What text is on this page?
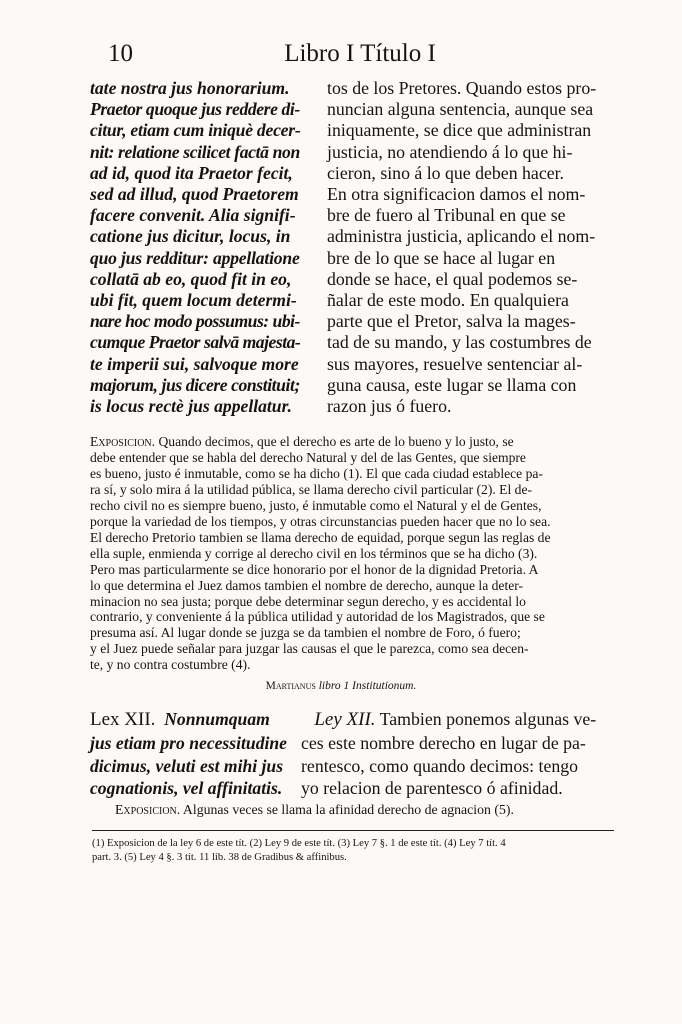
10	Libro I Título I
tate nostra jus honorarium.
Praetor quoque jus reddere di-
citur, etiam cum iniquè decer-
nit: relatione scilicet factā non
ad id, quod ita Praetor fecit,
sed ad illud, quod Praetorem
facere convenit. Alia signifi-
catione jus dicitur, locus, in
quo jus redditur: appellatione
collatā ab eo, quod fit in eo,
ubi fit, quem locum determi-
nare hoc modo possumus: ubi-
cumque Praetor salvā majesta-
te imperii sui, salvoque more
majorum, jus dicere constituit;
is locus rectè jus appellatur.
tos de los Pretores. Quando estos pro-
nuncian alguna sentencia, aunque sea
iniquamente, se dice que administran
justicia, no atendiendo á lo que hi-
cieron, sino á lo que deben hacer.
En otra significacion damos el nom-
bre de fuero al Tribunal en que se
administra justicia, aplicando el nom-
bre de lo que se hace al lugar en
donde se hace, el qual podemos se-
ñalar de este modo. En qualquiera
parte que el Pretor, salva la mages-
tad de su mando, y las costumbres de
sus mayores, resuelve sentenciar al-
guna causa, este lugar se llama con
razon jus ó fuero.
Exposicion. Quando decimos, que el derecho es arte de lo bueno y lo justo, se
debe entender que se habla del derecho Natural y del de las Gentes, que siempre
es bueno, justo é inmutable, como se ha dicho (1). El que cada ciudad establece pa-
ra sí, y solo mira á la utilidad pública, se llama derecho civil particular (2). El de-
recho civil no es siempre bueno, justo, é inmutable como el Natural y el de Gentes,
porque la variedad de los tiempos, y otras circunstancias pueden hacer que no lo sea.
El derecho Pretorio tambien se llama derecho de equidad, porque segun las reglas de
ella suple, enmienda y corrige al derecho civil en los términos que se ha dicho (3).
Pero mas particularmente se dice honorario por el honor de la dignidad Pretoria. A
lo que determina el Juez damos tambien el nombre de derecho, aunque la deter-
minacion no sea justa; porque debe determinar segun derecho, y es accidental lo
contrario, y conveniente á la pública utilidad y autoridad de los Magistrados, que se
presuma así. Al lugar donde se juzga se da tambien el nombre de Foro, ó fuero;
y el Juez puede señalar para juzgar las causas el que le parezca, como sea decen-
te, y no contra costumbre (4).
Martianus libro 1 Institutionum.
Lex XII. Nonnumquam
jus etiam pro necessitudine
dicimus, veluti est mihi jus
cognationis, vel affinitatis.
Ley XII. Tambien ponemos algunas ve-
ces este nombre derecho en lugar de pa-
rentesco, como quando decimos: tengo
yo relacion de parentesco ó afinidad.
Exposicion. Algunas veces se llama la afinidad derecho de agnacion (5).
(1) Exposicion de la ley 6 de este tít. (2) Ley 9 de este tít. (3) Ley 7 §. 1 de este tít. (4) Ley 7 tít. 4
part. 3. (5) Ley 4 §. 3 tít. 11 lib. 38 de Gradibus & affinibus.
